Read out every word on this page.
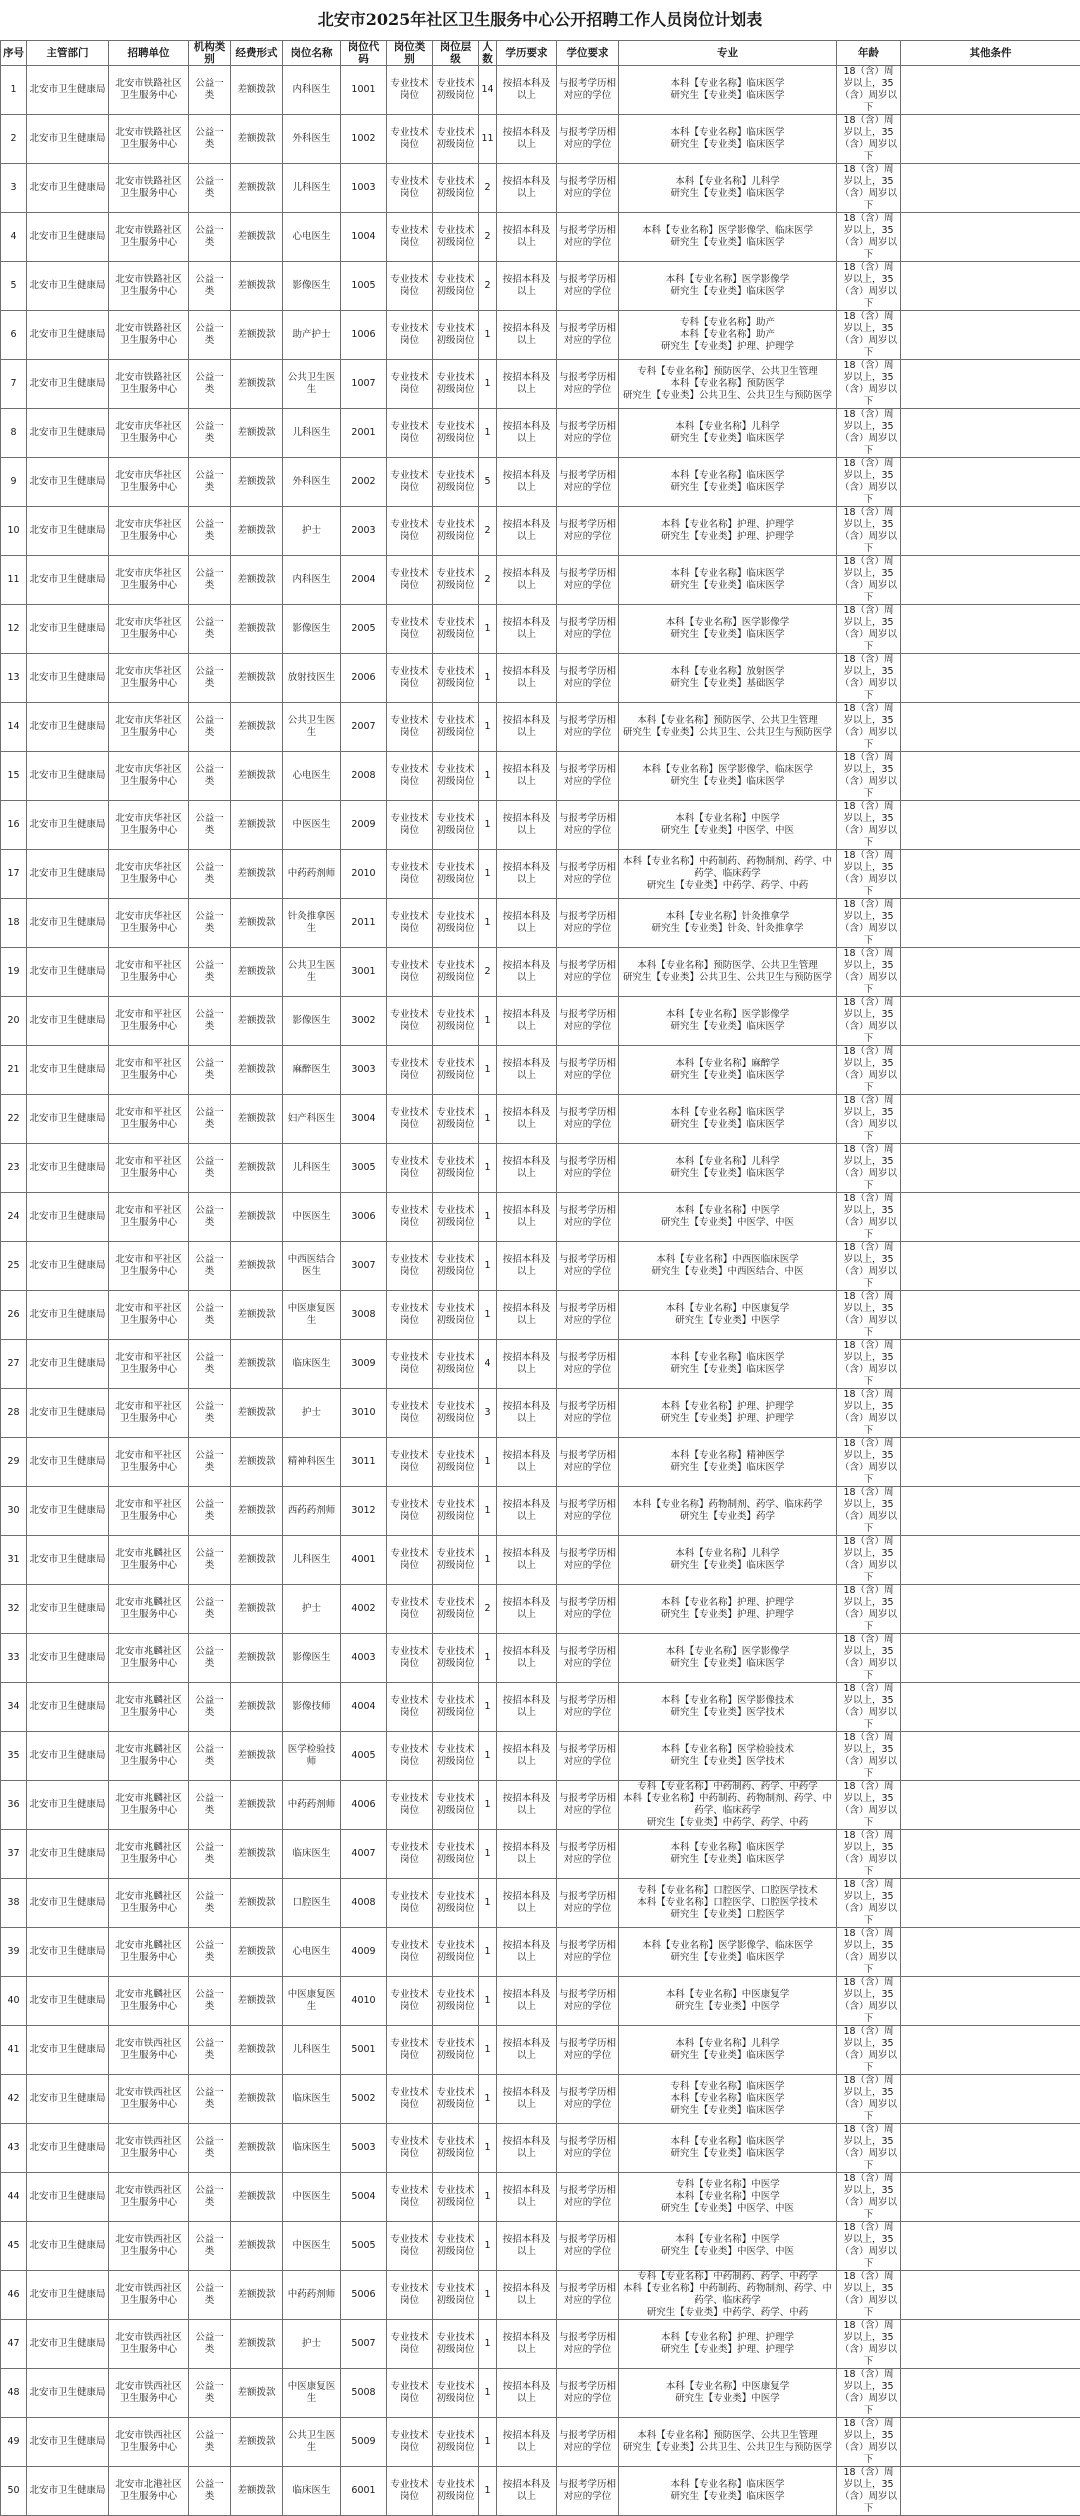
北安市2025年社区卫生服务中心公开招聘工作人员岗位计划表
序号	主管部门	招聘单位	机构类别	经费形式	岗位名称	岗位代码	岗位类别	岗位层级	人数	学历要求	学位要求	专业	年龄	其他条件
1	北安市卫生健康局	北安市铁路社区卫生服务中心	公益一类	差额拨款	内科医生	1001	专业技术岗位	专业技术初级岗位	14	按招本科及以上	与报考学历相对应的学位	本科【专业名称】临床医学
研究生【专业类】临床医学	18（含）周岁以上，35（含）周岁以下	
2	北安市卫生健康局	北安市铁路社区卫生服务中心	公益一类	差额拨款	外科医生	1002	专业技术岗位	专业技术初级岗位	11	按招本科及以上	与报考学历相对应的学位	本科【专业名称】临床医学
研究生【专业类】临床医学	18（含）周岁以上，35（含）周岁以下	
3	北安市卫生健康局	北安市铁路社区卫生服务中心	公益一类	差额拨款	儿科医生	1003	专业技术岗位	专业技术初级岗位	2	按招本科及以上	与报考学历相对应的学位	本科【专业名称】儿科学
研究生【专业类】临床医学	18（含）周岁以上，35（含）周岁以下	
4	北安市卫生健康局	北安市铁路社区卫生服务中心	公益一类	差额拨款	心电医生	1004	专业技术岗位	专业技术初级岗位	2	按招本科及以上	与报考学历相对应的学位	本科【专业名称】医学影像学、临床医学
研究生【专业类】临床医学	18（含）周岁以上，35（含）周岁以下	
5	北安市卫生健康局	北安市铁路社区卫生服务中心	公益一类	差额拨款	影像医生	1005	专业技术岗位	专业技术初级岗位	2	按招本科及以上	与报考学历相对应的学位	本科【专业名称】医学影像学
研究生【专业类】临床医学	18（含）周岁以上，35（含）周岁以下	
6	北安市卫生健康局	北安市铁路社区卫生服务中心	公益一类	差额拨款	助产护士	1006	专业技术岗位	专业技术初级岗位	1	按招本科及以上	与报考学历相对应的学位	专科【专业名称】助产
本科【专业名称】助产
研究生【专业类】护理、护理学	18（含）周岁以上，35（含）周岁以下	
7	北安市卫生健康局	北安市铁路社区卫生服务中心	公益一类	差额拨款	公共卫生医生	1007	专业技术岗位	专业技术初级岗位	1	按招本科及以上	与报考学历相对应的学位	专科【专业名称】预防医学、公共卫生管理
本科【专业名称】预防医学
研究生【专业类】公共卫生、公共卫生与预防医学	18（含）周岁以上，35（含）周岁以下	
8	北安市卫生健康局	北安市庆华社区卫生服务中心	公益一类	差额拨款	儿科医生	2001	专业技术岗位	专业技术初级岗位	1	按招本科及以上	与报考学历相对应的学位	本科【专业名称】儿科学
研究生【专业类】临床医学	18（含）周岁以上，35（含）周岁以下	
9	北安市卫生健康局	北安市庆华社区卫生服务中心	公益一类	差额拨款	外科医生	2002	专业技术岗位	专业技术初级岗位	5	按招本科及以上	与报考学历相对应的学位	本科【专业名称】临床医学
研究生【专业类】临床医学	18（含）周岁以上，35（含）周岁以下	
10	北安市卫生健康局	北安市庆华社区卫生服务中心	公益一类	差额拨款	护士	2003	专业技术岗位	专业技术初级岗位	2	按招本科及以上	与报考学历相对应的学位	本科【专业名称】护理、护理学
研究生【专业类】护理、护理学	18（含）周岁以上，35（含）周岁以下	
11	北安市卫生健康局	北安市庆华社区卫生服务中心	公益一类	差额拨款	内科医生	2004	专业技术岗位	专业技术初级岗位	2	按招本科及以上	与报考学历相对应的学位	本科【专业名称】临床医学
研究生【专业类】临床医学	18（含）周岁以上，35（含）周岁以下	
12	北安市卫生健康局	北安市庆华社区卫生服务中心	公益一类	差额拨款	影像医生	2005	专业技术岗位	专业技术初级岗位	1	按招本科及以上	与报考学历相对应的学位	本科【专业名称】医学影像学
研究生【专业类】临床医学	18（含）周岁以上，35（含）周岁以下	
13	北安市卫生健康局	北安市庆华社区卫生服务中心	公益一类	差额拨款	放射技医生	2006	专业技术岗位	专业技术初级岗位	1	按招本科及以上	与报考学历相对应的学位	本科【专业名称】放射医学
研究生【专业类】基础医学	18（含）周岁以上，35（含）周岁以下	
14	北安市卫生健康局	北安市庆华社区卫生服务中心	公益一类	差额拨款	公共卫生医生	2007	专业技术岗位	专业技术初级岗位	1	按招本科及以上	与报考学历相对应的学位	本科【专业名称】预防医学、公共卫生管理
研究生【专业类】公共卫生、公共卫生与预防医学	18（含）周岁以上，35（含）周岁以下	
15	北安市卫生健康局	北安市庆华社区卫生服务中心	公益一类	差额拨款	心电医生	2008	专业技术岗位	专业技术初级岗位	1	按招本科及以上	与报考学历相对应的学位	本科【专业名称】医学影像学、临床医学
研究生【专业类】临床医学	18（含）周岁以上，35（含）周岁以下	
16	北安市卫生健康局	北安市庆华社区卫生服务中心	公益一类	差额拨款	中医医生	2009	专业技术岗位	专业技术初级岗位	1	按招本科及以上	与报考学历相对应的学位	本科【专业名称】中医学
研究生【专业类】中医学、中医	18（含）周岁以上，35（含）周岁以下	
17	北安市卫生健康局	北安市庆华社区卫生服务中心	公益一类	差额拨款	中药药剂师	2010	专业技术岗位	专业技术初级岗位	1	按招本科及以上	与报考学历相对应的学位	本科【专业名称】中药制药、药物制剂、药学、中药学、临床药学
研究生【专业类】中药学、药学、中药	18（含）周岁以上，35（含）周岁以下	
18	北安市卫生健康局	北安市庆华社区卫生服务中心	公益一类	差额拨款	针灸推拿医生	2011	专业技术岗位	专业技术初级岗位	1	按招本科及以上	与报考学历相对应的学位	本科【专业名称】针灸推拿学
研究生【专业类】针灸、针灸推拿学	18（含）周岁以上，35（含）周岁以下	
19	北安市卫生健康局	北安市和平社区卫生服务中心	公益一类	差额拨款	公共卫生医生	3001	专业技术岗位	专业技术初级岗位	2	按招本科及以上	与报考学历相对应的学位	本科【专业名称】预防医学、公共卫生管理
研究生【专业类】公共卫生、公共卫生与预防医学	18（含）周岁以上，35（含）周岁以下	
20	北安市卫生健康局	北安市和平社区卫生服务中心	公益一类	差额拨款	影像医生	3002	专业技术岗位	专业技术初级岗位	1	按招本科及以上	与报考学历相对应的学位	本科【专业名称】医学影像学
研究生【专业类】临床医学	18（含）周岁以上，35（含）周岁以下	
21	北安市卫生健康局	北安市和平社区卫生服务中心	公益一类	差额拨款	麻醉医生	3003	专业技术岗位	专业技术初级岗位	1	按招本科及以上	与报考学历相对应的学位	本科【专业名称】麻醉学
研究生【专业类】临床医学	18（含）周岁以上，35（含）周岁以下	
22	北安市卫生健康局	北安市和平社区卫生服务中心	公益一类	差额拨款	妇产科医生	3004	专业技术岗位	专业技术初级岗位	1	按招本科及以上	与报考学历相对应的学位	本科【专业名称】临床医学
研究生【专业类】临床医学	18（含）周岁以上，35（含）周岁以下	
23	北安市卫生健康局	北安市和平社区卫生服务中心	公益一类	差额拨款	儿科医生	3005	专业技术岗位	专业技术初级岗位	1	按招本科及以上	与报考学历相对应的学位	本科【专业名称】儿科学
研究生【专业类】临床医学	18（含）周岁以上，35（含）周岁以下	
24	北安市卫生健康局	北安市和平社区卫生服务中心	公益一类	差额拨款	中医医生	3006	专业技术岗位	专业技术初级岗位	1	按招本科及以上	与报考学历相对应的学位	本科【专业名称】中医学
研究生【专业类】中医学、中医	18（含）周岁以上，35（含）周岁以下	
25	北安市卫生健康局	北安市和平社区卫生服务中心	公益一类	差额拨款	中西医结合医生	3007	专业技术岗位	专业技术初级岗位	1	按招本科及以上	与报考学历相对应的学位	本科【专业名称】中西医临床医学
研究生【专业类】中西医结合、中医	18（含）周岁以上，35（含）周岁以下	
26	北安市卫生健康局	北安市和平社区卫生服务中心	公益一类	差额拨款	中医康复医生	3008	专业技术岗位	专业技术初级岗位	1	按招本科及以上	与报考学历相对应的学位	本科【专业名称】中医康复学
研究生【专业类】中医学	18（含）周岁以上，35（含）周岁以下	
27	北安市卫生健康局	北安市和平社区卫生服务中心	公益一类	差额拨款	临床医生	3009	专业技术岗位	专业技术初级岗位	4	按招本科及以上	与报考学历相对应的学位	本科【专业名称】临床医学
研究生【专业类】临床医学	18（含）周岁以上，35（含）周岁以下	
28	北安市卫生健康局	北安市和平社区卫生服务中心	公益一类	差额拨款	护士	3010	专业技术岗位	专业技术初级岗位	3	按招本科及以上	与报考学历相对应的学位	本科【专业名称】护理、护理学
研究生【专业类】护理、护理学	18（含）周岁以上，35（含）周岁以下	
29	北安市卫生健康局	北安市和平社区卫生服务中心	公益一类	差额拨款	精神科医生	3011	专业技术岗位	专业技术初级岗位	1	按招本科及以上	与报考学历相对应的学位	本科【专业名称】精神医学
研究生【专业类】临床医学	18（含）周岁以上，35（含）周岁以下	
30	北安市卫生健康局	北安市和平社区卫生服务中心	公益一类	差额拨款	西药药剂师	3012	专业技术岗位	专业技术初级岗位	1	按招本科及以上	与报考学历相对应的学位	本科【专业名称】药物制剂、药学、临床药学
研究生【专业类】药学	18（含）周岁以上，35（含）周岁以下	
31	北安市卫生健康局	北安市兆麟社区卫生服务中心	公益一类	差额拨款	儿科医生	4001	专业技术岗位	专业技术初级岗位	1	按招本科及以上	与报考学历相对应的学位	本科【专业名称】儿科学
研究生【专业类】临床医学	18（含）周岁以上，35（含）周岁以下	
32	北安市卫生健康局	北安市兆麟社区卫生服务中心	公益一类	差额拨款	护士	4002	专业技术岗位	专业技术初级岗位	2	按招本科及以上	与报考学历相对应的学位	本科【专业名称】护理、护理学
研究生【专业类】护理、护理学	18（含）周岁以上，35（含）周岁以下	
33	北安市卫生健康局	北安市兆麟社区卫生服务中心	公益一类	差额拨款	影像医生	4003	专业技术岗位	专业技术初级岗位	1	按招本科及以上	与报考学历相对应的学位	本科【专业名称】医学影像学
研究生【专业类】临床医学	18（含）周岁以上，35（含）周岁以下	
34	北安市卫生健康局	北安市兆麟社区卫生服务中心	公益一类	差额拨款	影像技师	4004	专业技术岗位	专业技术初级岗位	1	按招本科及以上	与报考学历相对应的学位	本科【专业名称】医学影像技术
研究生【专业类】医学技术	18（含）周岁以上，35（含）周岁以下	
35	北安市卫生健康局	北安市兆麟社区卫生服务中心	公益一类	差额拨款	医学检验技师	4005	专业技术岗位	专业技术初级岗位	1	按招本科及以上	与报考学历相对应的学位	本科【专业名称】医学检验技术
研究生【专业类】医学技术	18（含）周岁以上，35（含）周岁以下	
36	北安市卫生健康局	北安市兆麟社区卫生服务中心	公益一类	差额拨款	中药药剂师	4006	专业技术岗位	专业技术初级岗位	1	按招本科及以上	与报考学历相对应的学位	专科【专业名称】中药制药、药学、中药学
本科【专业名称】中药制药、药物制剂、药学、中药学、临床药学
研究生【专业类】中药学、药学、中药	18（含）周岁以上，35（含）周岁以下	
37	北安市卫生健康局	北安市兆麟社区卫生服务中心	公益一类	差额拨款	临床医生	4007	专业技术岗位	专业技术初级岗位	1	按招本科及以上	与报考学历相对应的学位	本科【专业名称】临床医学
研究生【专业类】临床医学	18（含）周岁以上，35（含）周岁以下	
38	北安市卫生健康局	北安市兆麟社区卫生服务中心	公益一类	差额拨款	口腔医生	4008	专业技术岗位	专业技术初级岗位	1	按招本科及以上	与报考学历相对应的学位	专科【专业名称】口腔医学、口腔医学技术
本科【专业名称】口腔医学、口腔医学技术
研究生【专业类】口腔医学	18（含）周岁以上，35（含）周岁以下	
39	北安市卫生健康局	北安市兆麟社区卫生服务中心	公益一类	差额拨款	心电医生	4009	专业技术岗位	专业技术初级岗位	1	按招本科及以上	与报考学历相对应的学位	本科【专业名称】医学影像学、临床医学
研究生【专业类】临床医学	18（含）周岁以上，35（含）周岁以下	
40	北安市卫生健康局	北安市兆麟社区卫生服务中心	公益一类	差额拨款	中医康复医生	4010	专业技术岗位	专业技术初级岗位	1	按招本科及以上	与报考学历相对应的学位	本科【专业名称】中医康复学
研究生【专业类】中医学	18（含）周岁以上，35（含）周岁以下	
41	北安市卫生健康局	北安市铁西社区卫生服务中心	公益一类	差额拨款	儿科医生	5001	专业技术岗位	专业技术初级岗位	1	按招本科及以上	与报考学历相对应的学位	本科【专业名称】儿科学
研究生【专业类】临床医学	18（含）周岁以上，35（含）周岁以下	
42	北安市卫生健康局	北安市铁西社区卫生服务中心	公益一类	差额拨款	临床医生	5002	专业技术岗位	专业技术初级岗位	1	按招本科及以上	与报考学历相对应的学位	专科【专业名称】临床医学
本科【专业名称】临床医学
研究生【专业类】临床医学	18（含）周岁以上，35（含）周岁以下	
43	北安市卫生健康局	北安市铁西社区卫生服务中心	公益一类	差额拨款	临床医生	5003	专业技术岗位	专业技术初级岗位	1	按招本科及以上	与报考学历相对应的学位	本科【专业名称】临床医学
研究生【专业类】临床医学	18（含）周岁以上，35（含）周岁以下	
44	北安市卫生健康局	北安市铁西社区卫生服务中心	公益一类	差额拨款	中医医生	5004	专业技术岗位	专业技术初级岗位	1	按招本科及以上	与报考学历相对应的学位	专科【专业名称】中医学
本科【专业名称】中医学
研究生【专业类】中医学、中医	18（含）周岁以上，35（含）周岁以下	
45	北安市卫生健康局	北安市铁西社区卫生服务中心	公益一类	差额拨款	中医医生	5005	专业技术岗位	专业技术初级岗位	1	按招本科及以上	与报考学历相对应的学位	本科【专业名称】中医学
研究生【专业类】中医学、中医	18（含）周岁以上，35（含）周岁以下	
46	北安市卫生健康局	北安市铁西社区卫生服务中心	公益一类	差额拨款	中药药剂师	5006	专业技术岗位	专业技术初级岗位	1	按招本科及以上	与报考学历相对应的学位	专科【专业名称】中药制药、药学、中药学
本科【专业名称】中药制药、药物制剂、药学、中药学、临床药学
研究生【专业类】中药学、药学、中药	18（含）周岁以上，35（含）周岁以下	
47	北安市卫生健康局	北安市铁西社区卫生服务中心	公益一类	差额拨款	护士	5007	专业技术岗位	专业技术初级岗位	1	按招本科及以上	与报考学历相对应的学位	本科【专业名称】护理、护理学
研究生【专业类】护理、护理学	18（含）周岁以上，35（含）周岁以下	
48	北安市卫生健康局	北安市铁西社区卫生服务中心	公益一类	差额拨款	中医康复医生	5008	专业技术岗位	专业技术初级岗位	1	按招本科及以上	与报考学历相对应的学位	本科【专业名称】中医康复学
研究生【专业类】中医学	18（含）周岁以上，35（含）周岁以下	
49	北安市卫生健康局	北安市铁西社区卫生服务中心	公益一类	差额拨款	公共卫生医生	5009	专业技术岗位	专业技术初级岗位	1	按招本科及以上	与报考学历相对应的学位	本科【专业名称】预防医学、公共卫生管理
研究生【专业类】公共卫生、公共卫生与预防医学	18（含）周岁以上，35（含）周岁以下	
50	北安市卫生健康局	北安市北港社区卫生服务中心	公益一类	差额拨款	临床医生	6001	专业技术岗位	专业技术初级岗位	1	按招本科及以上	与报考学历相对应的学位	本科【专业名称】临床医学
研究生【专业类】临床医学	18（含）周岁以上，35（含）周岁以下	
